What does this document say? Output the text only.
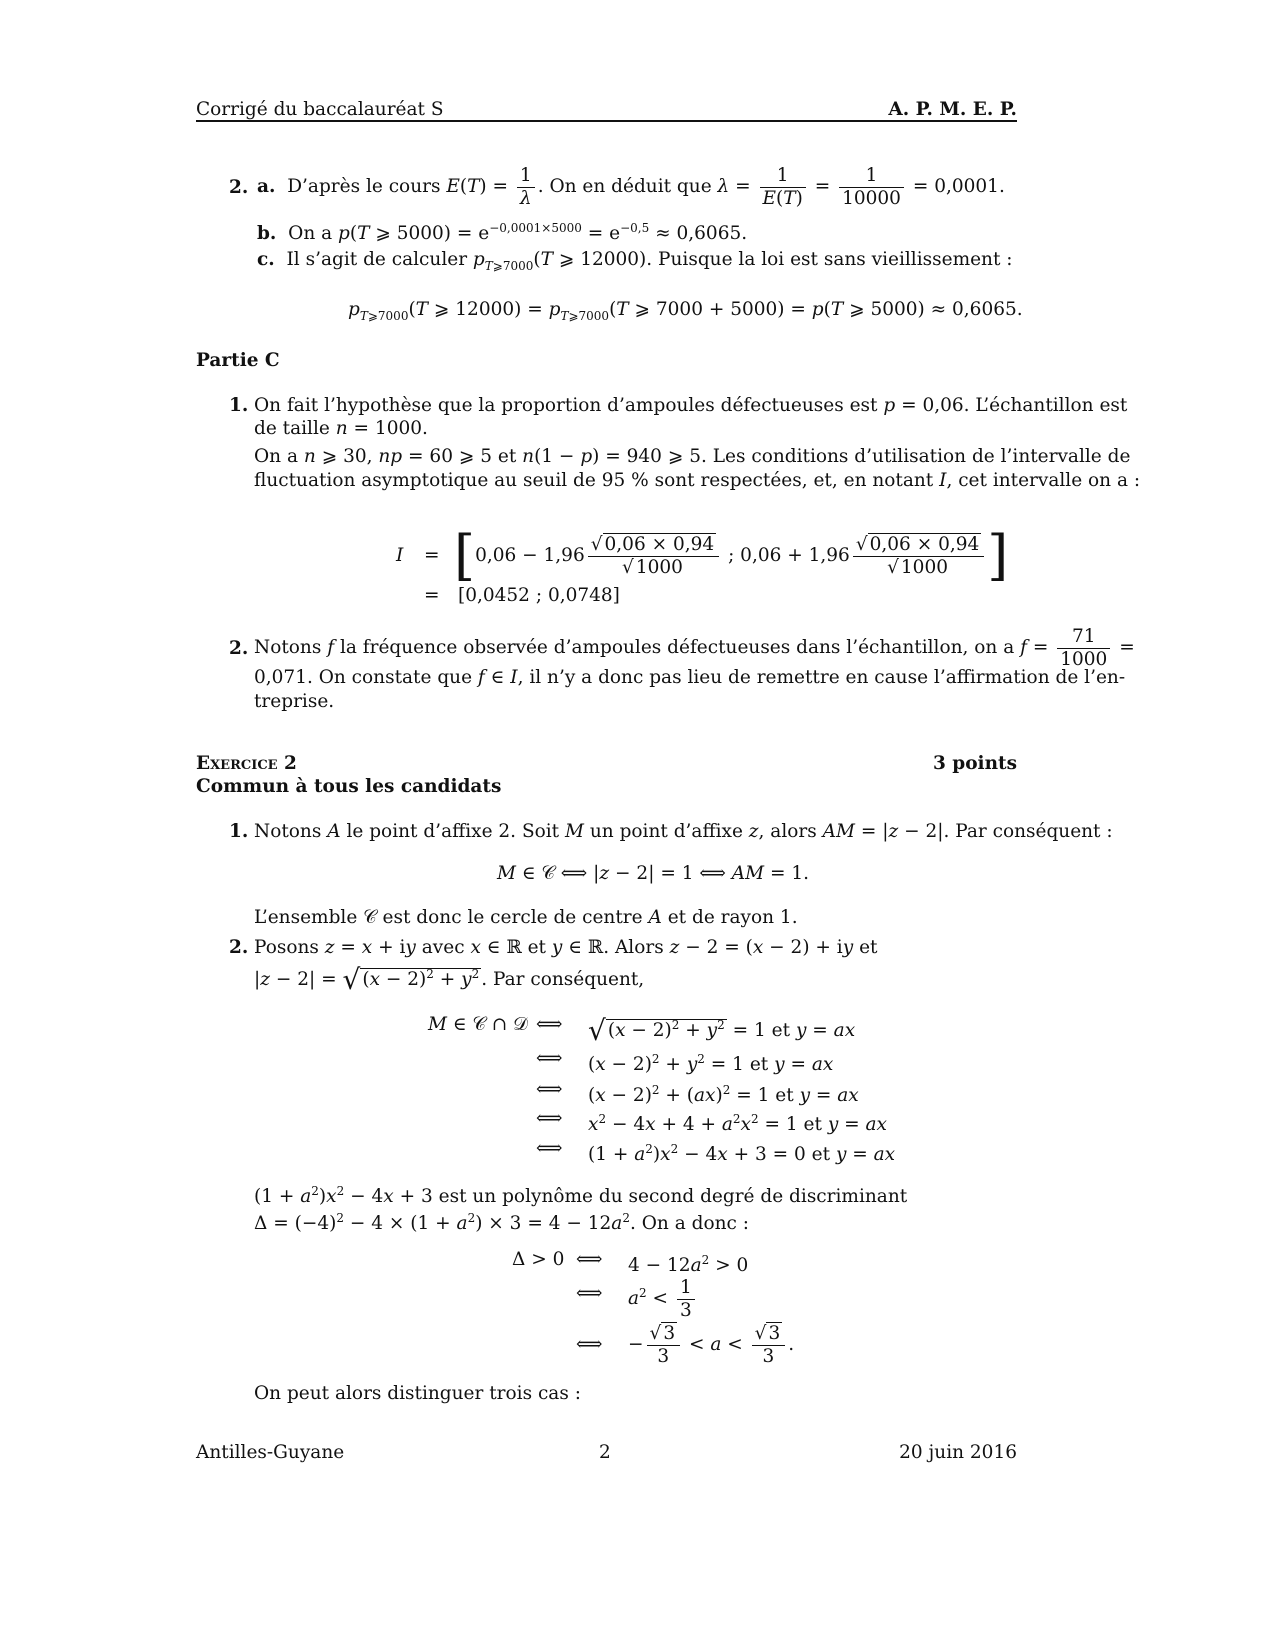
Corrigé du baccalauréat S	A. P. M. E. P.
2. a. D’après le cours $E(T) = \frac{1}{\lambda}$ . On en déduit que $\lambda = \frac{1}{E(T)} = \frac{1}{10000} = 0,0001$.
b. On a p(T ⩾ $5000) = e^{-0,0001\times 5000} = e^{-0,5} \approx 0,6065$.
c. Il s’agit de calculer $p_{T⩾7000}(T$ ⩾ 12000). Puisque la loi est sans vieillissement :
$p_{T⩾7000}(T$ ⩾ $12000) = p_{T⩾7000}(T$ ⩾ 7000 + 5000) = p(T ⩾ 5000) ≈ 0,6065.
Partie C
1. On fait l’hypothèse que la proportion d’ampoules défectueuses est p = 0,06. L’échantillon est
de taille n = 1000.
On a n ⩾ 30, np = 60 ⩾ 5 et n(1 − p) = 940 ⩾ 5. Les conditions d’utilisation de l’intervalle de
fluctuation asymptotique au seuil de 95 % sont respectées, et, en notant I, cet intervalle on a :
$I = [0,06 - 1,96 \frac{√ 0,06 \times 0,94}{√ 1000}$ ; $0,06 + 1,96 \frac{√ 0,06 \times 0,94}{√ 1000}$ ]
= [0,0452 ; 0,0748]
2. Notons f la fréquence observée d’ampoules défectueuses dans l’échantillon, on a $f = \frac{71}{1000}$ =
0,071. On constate que f ∈ I, il n’y a donc pas lieu de remettre en cause l’affirmation de l’en-
treprise.
Exercice 2	3 points
Commun à tous les candidats
1. Notons A le point d’affixe 2. Soit M un point d’affixe z, alors AM = |z − 2|. Par conséquent :
M ∈ 𝒞 ⟺ |z − 2| = 1 ⟺ AM = 1.
L’ensemble 𝒞 est donc le cercle de centre A et de rayon 1.
2. Posons z = x + iy avec x ∈ ℝ et y ∈ ℝ. Alors z − 2 = (x − 2) + iy et
|z − 2| = √ $(x - 2)^2 + y^2$ . Par conséquent,
M ∈ 𝒞 ∩ 𝒟 ⟺ √ $(x - 2)^2 + y^2 = 1$ et y = ax
⟺ $(x - 2)^2 + y^2 = 1$ et y = ax
⟺ $(x - 2)^2 + (ax)^2 = 1$ et y = ax
⟺ $x^2 - 4x + 4 + a^2x^2 = 1$ et y = ax
⟺ $(1 + a^2)x^2 - 4x + 3 = 0$ et y = ax
$(1 + a^2)x^2 - 4x + 3$ est un polynôme du second degré de discriminant
$\Delta = (-4)^2 - 4 \times (1 + a^2) \times 3 = 4 - 12a^2$. On a donc :
Δ > 0 ⟺ $4 - 12a^2 > 0$
⟺ $a^2 < \frac{1}{3}$
⟺ − $\frac{√ 3}{3} < a < \frac{√ 3}{3}$ .
On peut alors distinguer trois cas :
Antilles-Guyane	2	20 juin 2016
